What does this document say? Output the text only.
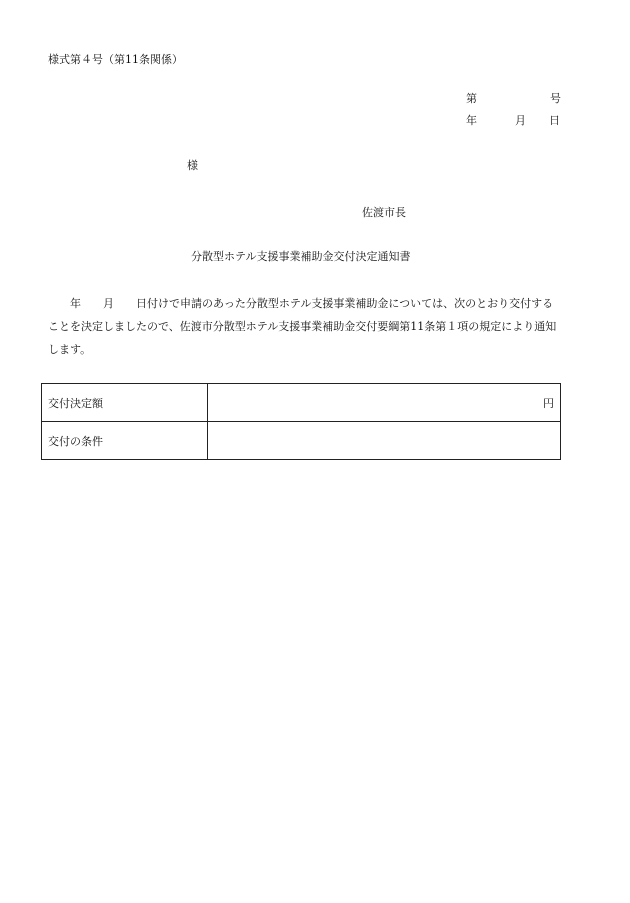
様式第４号（第11条関係）
第	号
年	月 日
様
佐渡市長
分散型ホテル支援事業補助金交付決定通知書
年 月 日付けで申請のあった分散型ホテル支援事業補助金については、次のとおり交付することを決定しましたので、佐渡市分散型ホテル支援事業補助金交付要綱第11条第１項の規定により通知します。
交付決定額	円
交付の条件	
